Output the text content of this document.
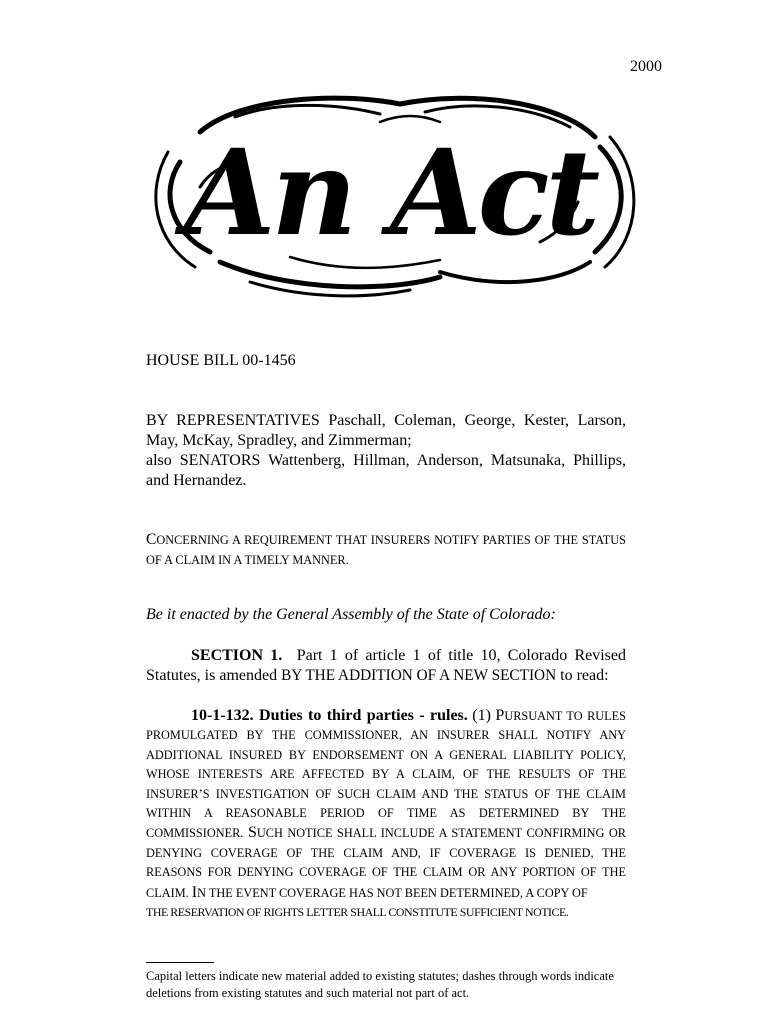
2000
An Act
HOUSE BILL 00-1456
BY REPRESENTATIVES Paschall, Coleman, George, Kester, Larson, May, McKay, Spradley, and Zimmerman;
also SENATORS Wattenberg, Hillman, Anderson, Matsunaka, Phillips, and Hernandez.
CONCERNING A REQUIREMENT THAT INSURERS NOTIFY PARTIES OF THE STATUS OF A CLAIM IN A TIMELY MANNER.
Be it enacted by the General Assembly of the State of Colorado:
SECTION 1. Part 1 of article 1 of title 10, Colorado Revised Statutes, is amended BY THE ADDITION OF A NEW SECTION to read:
10-1-132. Duties to third parties - rules. (1) PURSUANT TO RULES PROMULGATED BY THE COMMISSIONER, AN INSURER SHALL NOTIFY ANY ADDITIONAL INSURED BY ENDORSEMENT ON A GENERAL LIABILITY POLICY, WHOSE INTERESTS ARE AFFECTED BY A CLAIM, OF THE RESULTS OF THE INSURER’S INVESTIGATION OF SUCH CLAIM AND THE STATUS OF THE CLAIM WITHIN A REASONABLE PERIOD OF TIME AS DETERMINED BY THE COMMISSIONER. SUCH NOTICE SHALL INCLUDE A STATEMENT CONFIRMING OR DENYING COVERAGE OF THE CLAIM AND, IF COVERAGE IS DENIED, THE REASONS FOR DENYING COVERAGE OF THE CLAIM OR ANY PORTION OF THE CLAIM. IN THE EVENT COVERAGE HAS NOT BEEN DETERMINED, A COPY OF
THE RESERVATION OF RIGHTS LETTER SHALL CONSTITUTE SUFFICIENT NOTICE.
Capital letters indicate new material added to existing statutes; dashes through words indicate deletions from existing statutes and such material not part of act.
